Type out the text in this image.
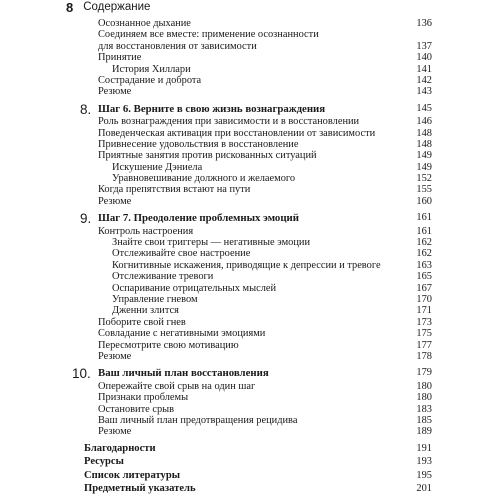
8 Содержание
Осознанное дыхание	136
Соединяем все вместе: применение осознанности
для восстановления от зависимости	137
Принятие	140
История Хиллари	141
Сострадание и доброта	142
Резюме	143
8. Шаг 6. Верните в свою жизнь вознаграждения	145
Роль вознаграждения при зависимости и в восстановлении	146
Поведенческая активация при восстановлении от зависимости	148
Привнесение удовольствия в восстановление	148
Приятные занятия против рискованных ситуаций	149
Искушение Дэниела	149
Уравновешивание должного и желаемого	152
Когда препятствия встают на пути	155
Резюме	160
9. Шаг 7. Преодоление проблемных эмоций	161
Контроль настроения	161
Знайте свои триггеры — негативные эмоции	162
Отслеживайте свое настроение	162
Когнитивные искажения, приводящие к депрессии и тревоге	163
Отслеживание тревоги	165
Оспаривание отрицательных мыслей	167
Управление гневом	170
Дженни злится	171
Поборите свой гнев	173
Совладание с негативными эмоциями	175
Пересмотрите свою мотивацию	177
Резюме	178
10. Ваш личный план восстановления	179
Опережайте свой срыв на один шаг	180
Признаки проблемы	180
Остановите срыв	183
Ваш личный план предотвращения рецидива	185
Резюме	189
Благодарности	191
Ресурсы	193
Список литературы	195
Предметный указатель	201
